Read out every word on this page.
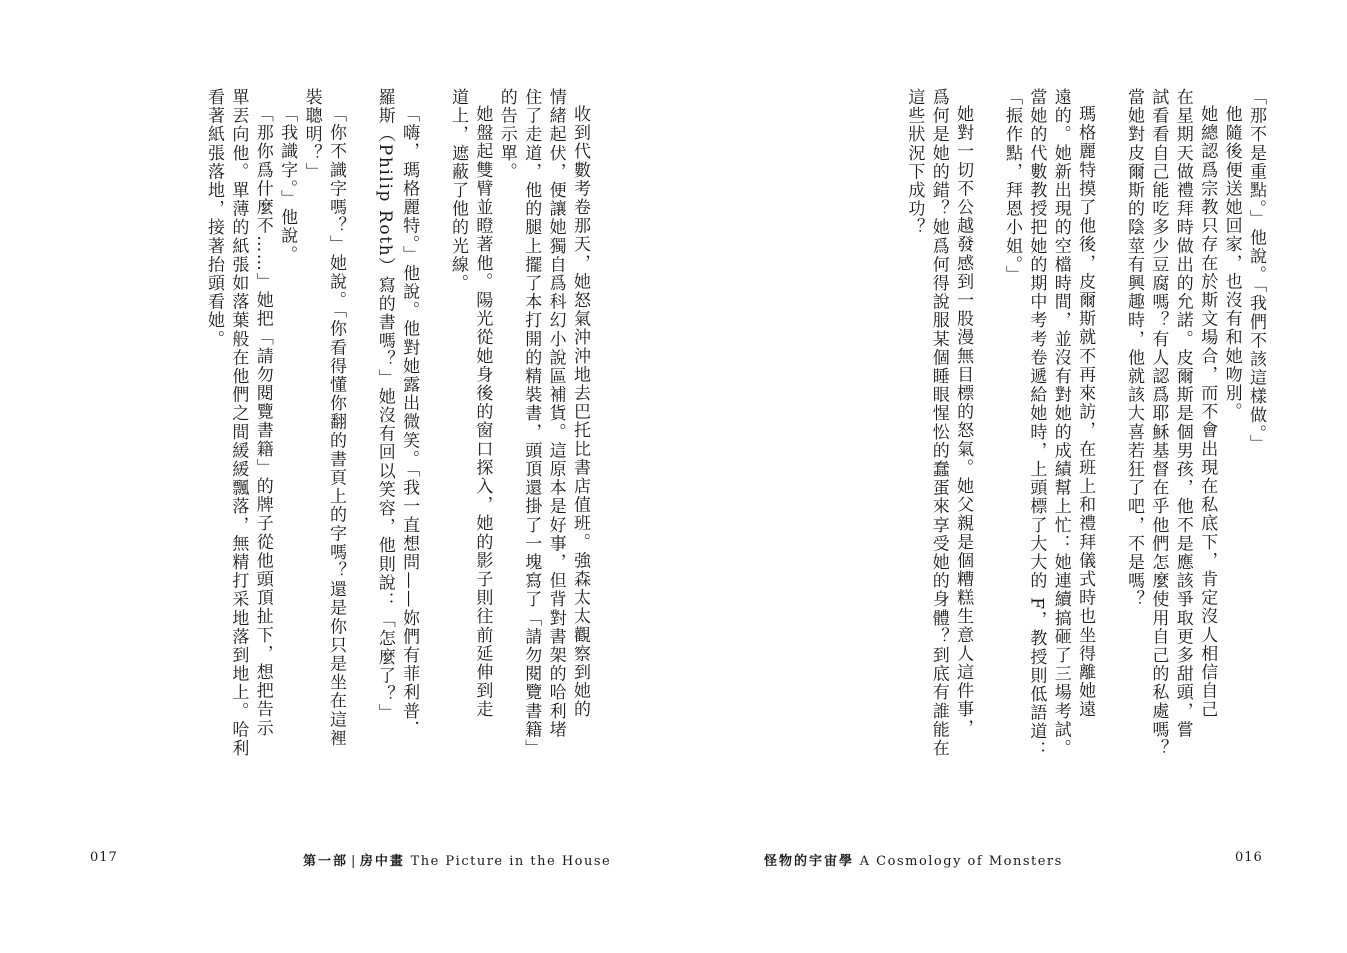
收到代數考卷那天，她怒氣沖沖地去巴托比書店值班。強森太太觀察到她的
情緒起伏，便讓她獨自爲科幻小說區補貨。這原本是好事，但背對書架的哈利堵
住了走道，他的腿上擺了本打開的精裝書，頭頂還掛了一塊寫了「請勿閱覽書籍」
的告示單。

她盤起雙臂並瞪著他。陽光從她身後的窗口探入，她的影子則往前延伸到走
道上，遮蔽了他的光線。

「嗨，瑪格麗特。」他說。他對她露出微笑。「我一直想問——妳們有菲利普．
羅斯（Philip Roth）寫的書嗎？」她沒有回以笑容，他則說：「怎麼了？」

「你不識字嗎？」她說。「你看得懂你翻的書頁上的字嗎？還是你只是坐在這裡
裝聰明？」

「我識字。」他說。

「那你爲什麼不……」她把「請勿閱覽書籍」的牌子從他頭頂扯下，想把告示
單丟向他。單薄的紙張如落葉般在他們之間緩緩飄落，無精打采地落到地上。哈利
看著紙張落地，接著抬頭看她。

017	第一部 | 房中畫 The Picture in the House

「那不是重點。」他說。「我們不該這樣做。」

他隨後便送她回家，也沒有和她吻別。

她總認爲宗教只存在於斯文場合，而不會出現在私底下，肯定沒人相信自己
在星期天做禮拜時做出的允諾。皮爾斯是個男孩，他不是應該爭取更多甜頭，嘗
試看看自己能吃多少豆腐嗎？有人認爲耶穌基督在乎他們怎麼使用自己的私處嗎？
當她對皮爾斯的陰莖有興趣時，他就該大喜若狂了吧，不是嗎？

瑪格麗特摸了他後，皮爾斯就不再來訪，在班上和禮拜儀式時也坐得離她遠
遠的。她新出現的空檔時間，並沒有對她的成績幫上忙：她連續搞砸了三場考試。
當她的代數教授把她的期中考考卷遞給她時，上頭標了大大的 F，教授則低語道：
「振作點，拜恩小姐。」

她對一切不公越發感到一股漫無目標的怒氣。她父親是個糟糕生意人這件事，
爲何是她的錯？她爲何得說服某個睡眼惺忪的蠢蛋來享受她的身體？到底有誰能在
這些狀況下成功？

怪物的宇宙學 A Cosmology of Monsters	016
